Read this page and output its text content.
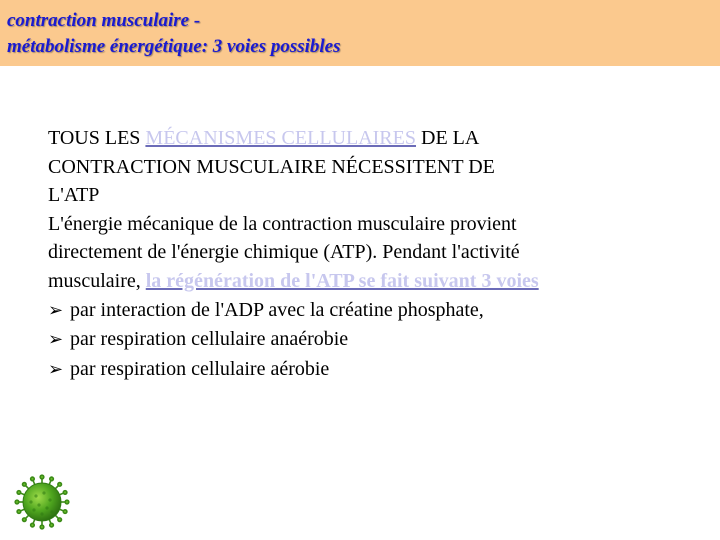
contraction musculaire -
métabolisme énergétique: 3 voies possibles
TOUS LES MÉCANISMES CELLULAIRES DE LA
CONTRACTION MUSCULAIRE NÉCESSITENT DE
L'ATP
L'énergie mécanique de la contraction musculaire provient
directement de l'énergie chimique (ATP). Pendant l'activité
musculaire, la régénération de l'ATP se fait suivant 3 voies
➢ par interaction de l'ADP avec la créatine phosphate,
➢ par respiration cellulaire anaérobie
➢ par respiration cellulaire aérobie
